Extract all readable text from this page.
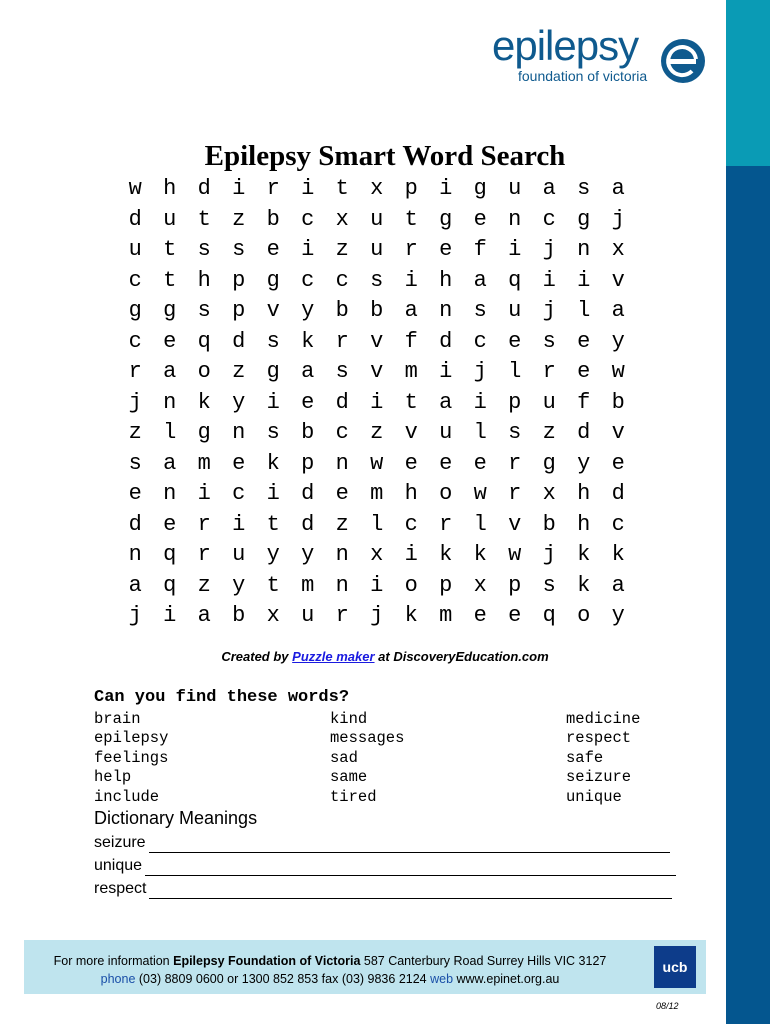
epilepsy
foundation of victoria
Epilepsy Smart Word Search
w h d i r i t x p i g u a s a
d u t z b c x u t g e n c g j
u t s s e i z u r e f i j n x
c t h p g c c s i h a q i i v
g g s p v y b b a n s u j l a
c e q d s k r v f d c e s e y
r a o z g a s v m i j l r e w
j n k y i e d i t a i p u f b
z l g n s b c z v u l s z d v
s a m e k p n w e e e r g y e
e n i c i d e m h o w r x h d
d e r i t d z l c r l v b h c
n q r u y y n x i k k w j k k
a q z y t m n i o p x p s k a
j i a b x u r j k m e e q o y
Created by Puzzle maker at DiscoveryEducation.com
Can you find these words?
brain
epilepsy
feelings
help
include
kind
messages
sad
same
tired
medicine
respect
safe
seizure
unique
Dictionary Meanings
seizure
unique
respect
For more information Epilepsy Foundation of Victoria 587 Canterbury Road Surrey Hills VIC 3127
phone (03) 8809 0600 or 1300 852 853 fax (03) 9836 2124 web www.epinet.org.au
ucb
08/12
